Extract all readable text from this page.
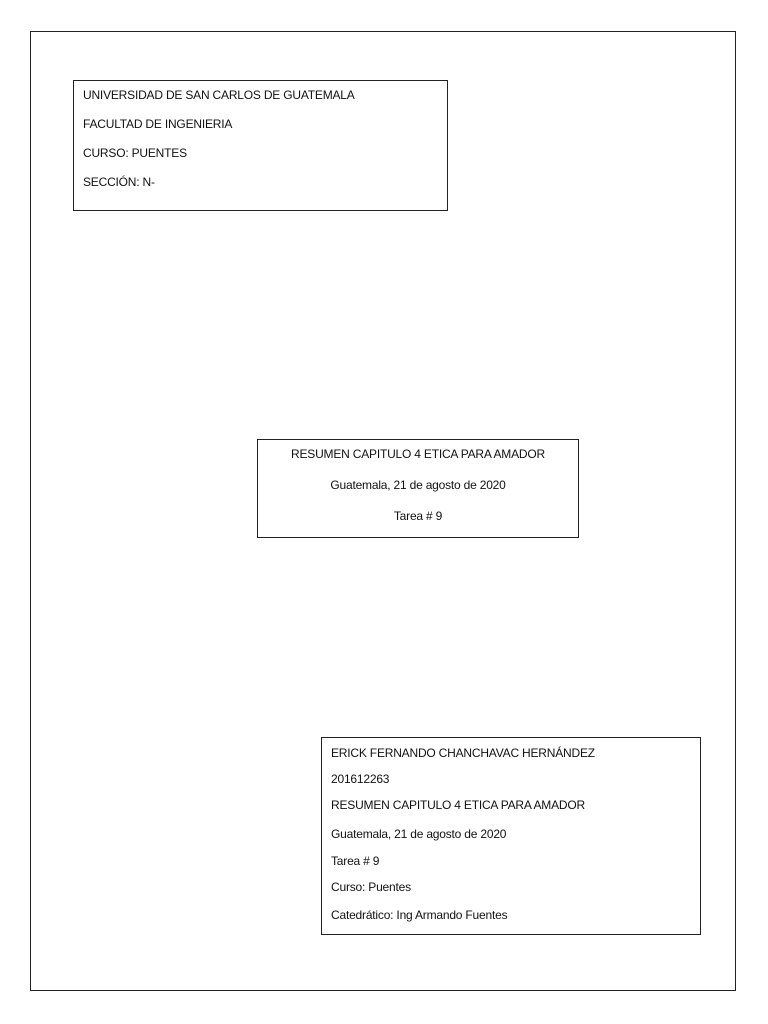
UNIVERSIDAD DE SAN CARLOS DE GUATEMALA
FACULTAD DE INGENIERIA
CURSO: PUENTES
SECCIÓN: N-
RESUMEN CAPITULO 4 ETICA PARA AMADOR
Guatemala, 21 de agosto de 2020
Tarea # 9
ERICK FERNANDO CHANCHAVAC HERNÁNDEZ
201612263
RESUMEN CAPITULO 4 ETICA PARA AMADOR
Guatemala, 21 de agosto de 2020
Tarea # 9
Curso: Puentes
Catedrático: Ing Armando Fuentes
